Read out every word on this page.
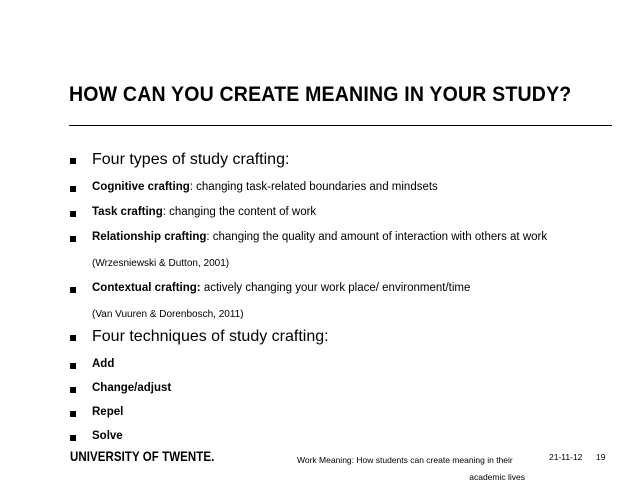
HOW CAN YOU CREATE MEANING IN YOUR STUDY?
Four types of study crafting:
Cognitive crafting: changing task-related boundaries and mindsets
Task crafting: changing the content of work
Relationship crafting: changing the quality and amount of interaction with others at work
(Wrzesniewski & Dutton, 2001)
Contextual crafting: actively changing your work place/ environment/time
(Van Vuuren & Dorenbosch, 2011)
Four techniques of study crafting:
Add
Change/adjust
Repel
Solve
UNIVERSITY OF TWENTE.	Work Meaning: How students can create meaning in their
academic lives
21-11-12 19
